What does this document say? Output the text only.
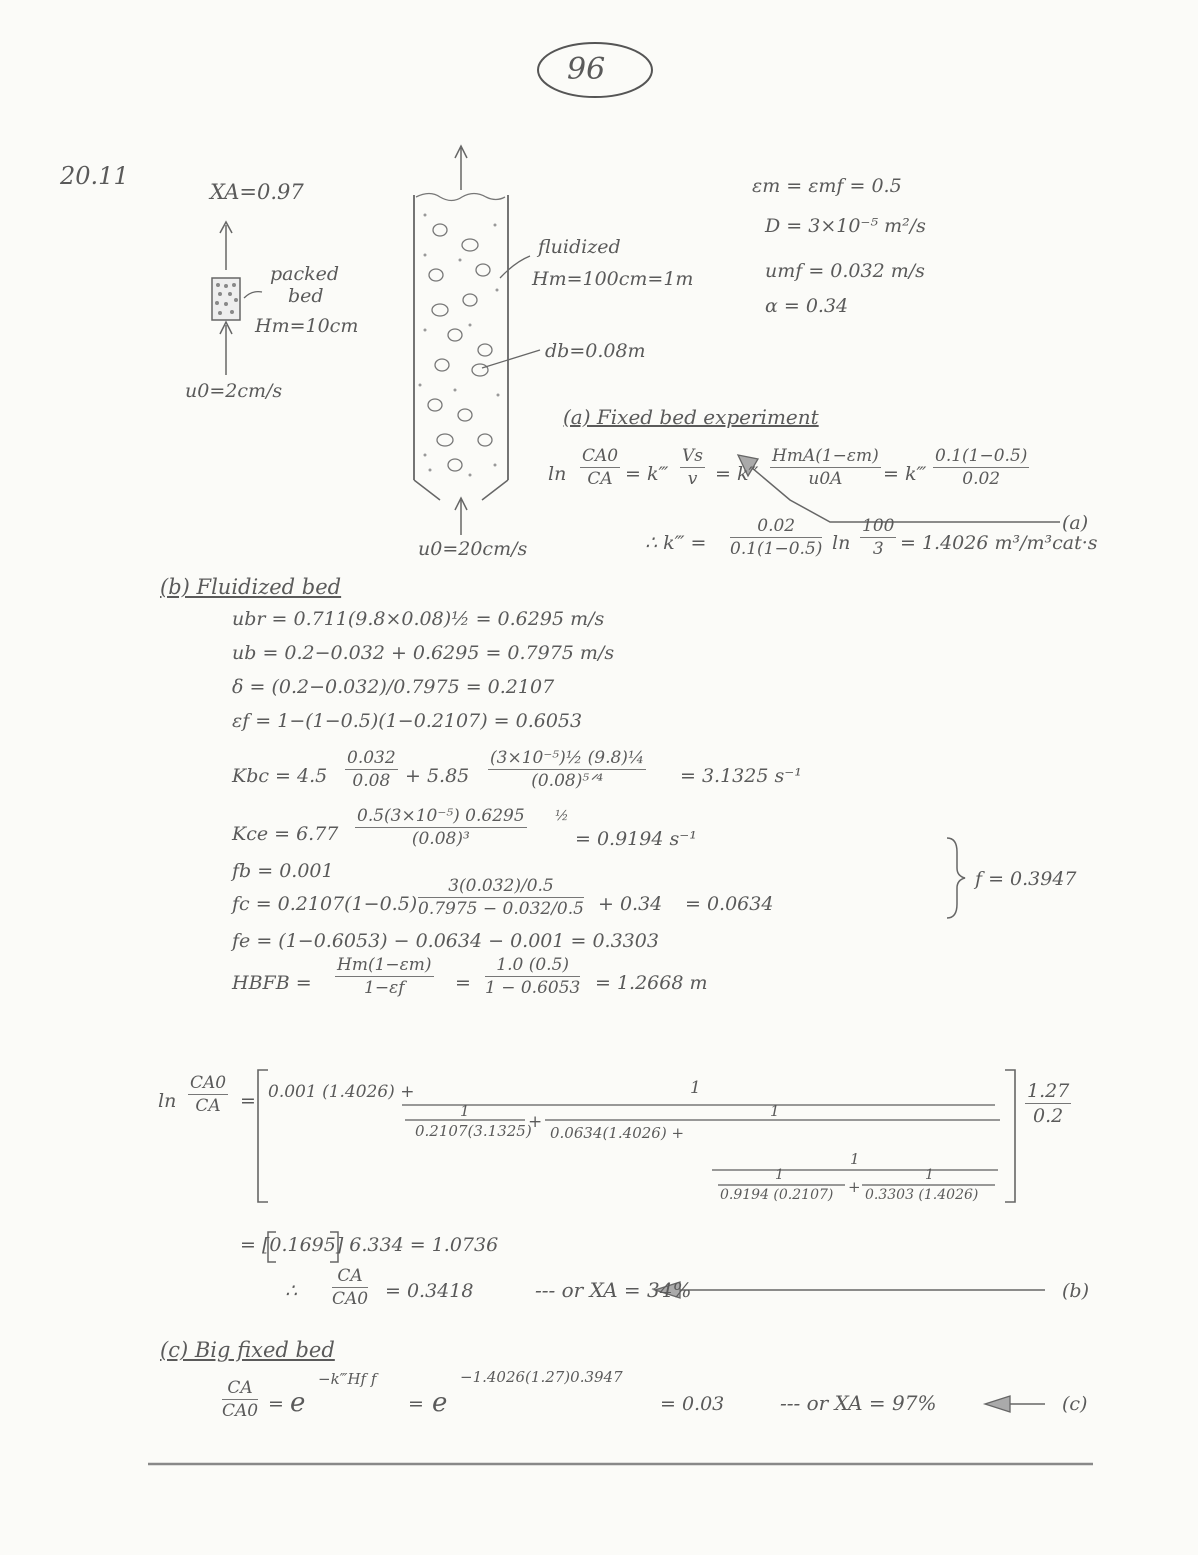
96
20.11
XA=0.97
packed
bed
Hm=10cm
u0=2cm/s
fluidized
Hm=100cm=1m
db=0.08m
u0=20cm/s
εm = εmf = 0.5
D = 3×10⁻⁵ m²/s
umf = 0.032 m/s
α = 0.34
(a) Fixed bed experiment
$\ln \frac{CA0}{CA}$ = k‴ $\frac{Vs}{v}$ = k‴
HmA(1−εm)
u0A	= k‴ $\frac{0.1(1-0.5)}{0.02}$
∴ k‴ = $\frac{0.02}{0.1(1-0.5)}$ $\ln \frac{100}{3} = 1.4026$ m³/m³cat·s
(a)
(b) Fluidized bed
ubr = 0.711(9.8×0.08)½ = 0.6295 m/s
ub = 0.2−0.032 + 0.6295 = 0.7975 m/s
δ = (0.2−0.032)/0.7975 = 0.2107
εf = 1−(1−0.5)(1−0.2107) = 0.6053
Kbc = $4.5 \frac{0.032}{0.08} + 5.85$
(3×10⁻⁵)½ (9.8)¼
(0.08)⁵ᐟ⁴	= 3.1325 s⁻¹
Kce = $6.77 \frac{\text{0.5(3×10⁻⁵) 0.6295}}{\text{(0.08)³}}$ ½
= 0.9194 s⁻¹
fb = 0.001
fc = $0.2107(1-0.5) \frac{3(0.032)/0.5}{0.7975 - 0.032/0.5} + 0.34 = 0.0634$
f = 0.3947
fe = (1−0.6053) − 0.0634 − 0.001 = 0.3303
HBFB = $\frac{Hm(1-\varepsilon m)}{1-\varepsilon f} = \frac{1.0 (0.5)}{1 - 0.6053} = 1.2668$ m
$\ln \frac{CA0}{CA} = 0.001$ (1.4026) +	1
1
0.2107(3.1325)
+
1
0.0634(1.4026) +
1
1	1
0.9194 (0.2107) + 0.3303 (1.4026)
$\frac{1.27}{0.2}$
= [0.1695] 6.334 = 1.0736
∴ $\frac{CA}{CA0} = 0.3418$	--- or XA = 34%	(b)
(c) Big fixed bed
$\frac{CA}{CA0} = e$
−k‴Hf f
= e
−1.4026(1.27)0.3947
= 0.03	--- or XA = 97%	(c)
